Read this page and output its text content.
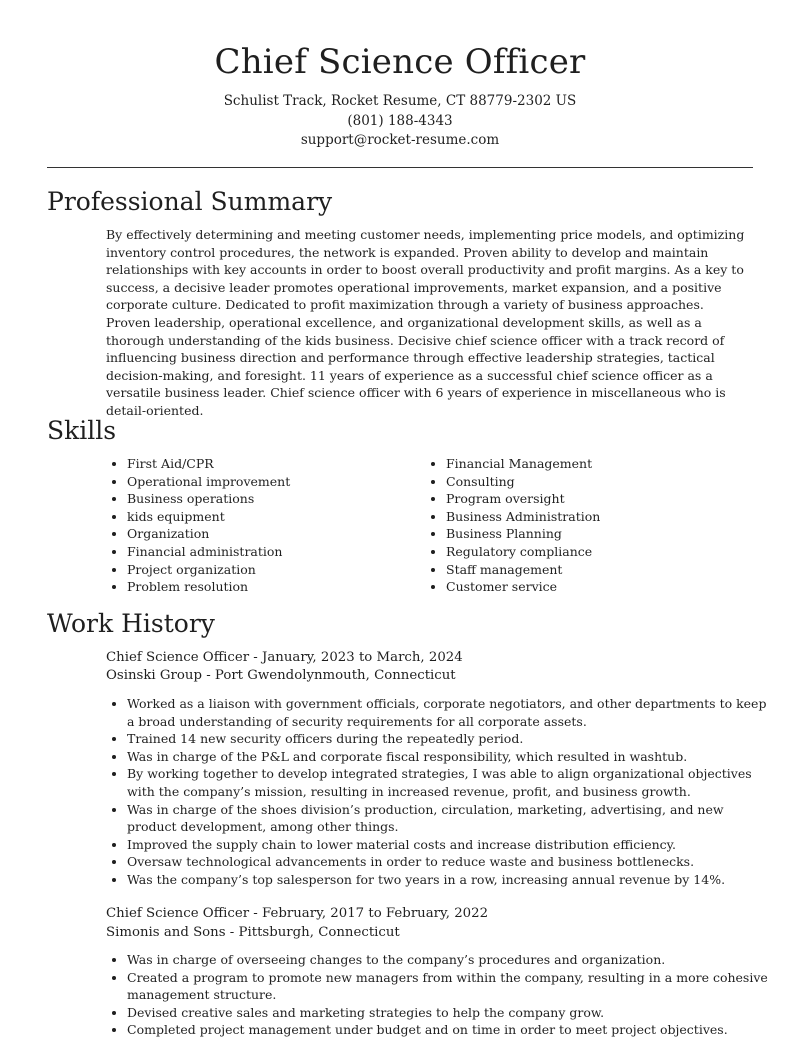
Chief Science Officer
Schulist Track, Rocket Resume, CT 88779-2302 US
(801) 188-4343
support@rocket-resume.com
Professional Summary

By effectively determining and meeting customer needs, implementing price models, and optimizing inventory control procedures, the network is expanded. Proven ability to develop and maintain relationships with key accounts in order to boost overall productivity and profit margins. As a key to success, a decisive leader promotes operational improvements, market expansion, and a positive corporate culture. Dedicated to profit maximization through a variety of business approaches. Proven leadership, operational excellence, and organizational development skills, as well as a thorough understanding of the kids business. Decisive chief science officer with a track record of influencing business direction and performance through effective leadership strategies, tactical decision-making, and foresight. 11 years of experience as a successful chief science officer as a versatile business leader. Chief science officer with 6 years of experience in miscellaneous who is detail-oriented.

Skills
• First Aid/CPR
• Operational improvement
• Business operations
• kids equipment
• Organization
• Financial administration
• Project organization
• Problem resolution
• Financial Management
• Consulting
• Program oversight
• Business Administration
• Business Planning
• Regulatory compliance
• Staff management
• Customer service
Work History
Chief Science Officer - January, 2023 to March, 2024
Osinski Group - Port Gwendolynmouth, Connecticut
• Worked as a liaison with government officials, corporate negotiators, and other departments to keep a broad understanding of security requirements for all corporate assets.
• Trained 14 new security officers during the repeatedly period.
• Was in charge of the P&L and corporate fiscal responsibility, which resulted in washtub.
• By working together to develop integrated strategies, I was able to align organizational objectives with the company’s mission, resulting in increased revenue, profit, and business growth.
• Was in charge of the shoes division’s production, circulation, marketing, advertising, and new product development, among other things.
• Improved the supply chain to lower material costs and increase distribution efficiency.
• Oversaw technological advancements in order to reduce waste and business bottlenecks.
• Was the company’s top salesperson for two years in a row, increasing annual revenue by 14%.
Chief Science Officer - February, 2017 to February, 2022
Simonis and Sons - Pittsburgh, Connecticut
• Was in charge of overseeing changes to the company’s procedures and organization.
• Created a program to promote new managers from within the company, resulting in a more cohesive management structure.
• Devised creative sales and marketing strategies to help the company grow.
• Completed project management under budget and on time in order to meet project objectives.
